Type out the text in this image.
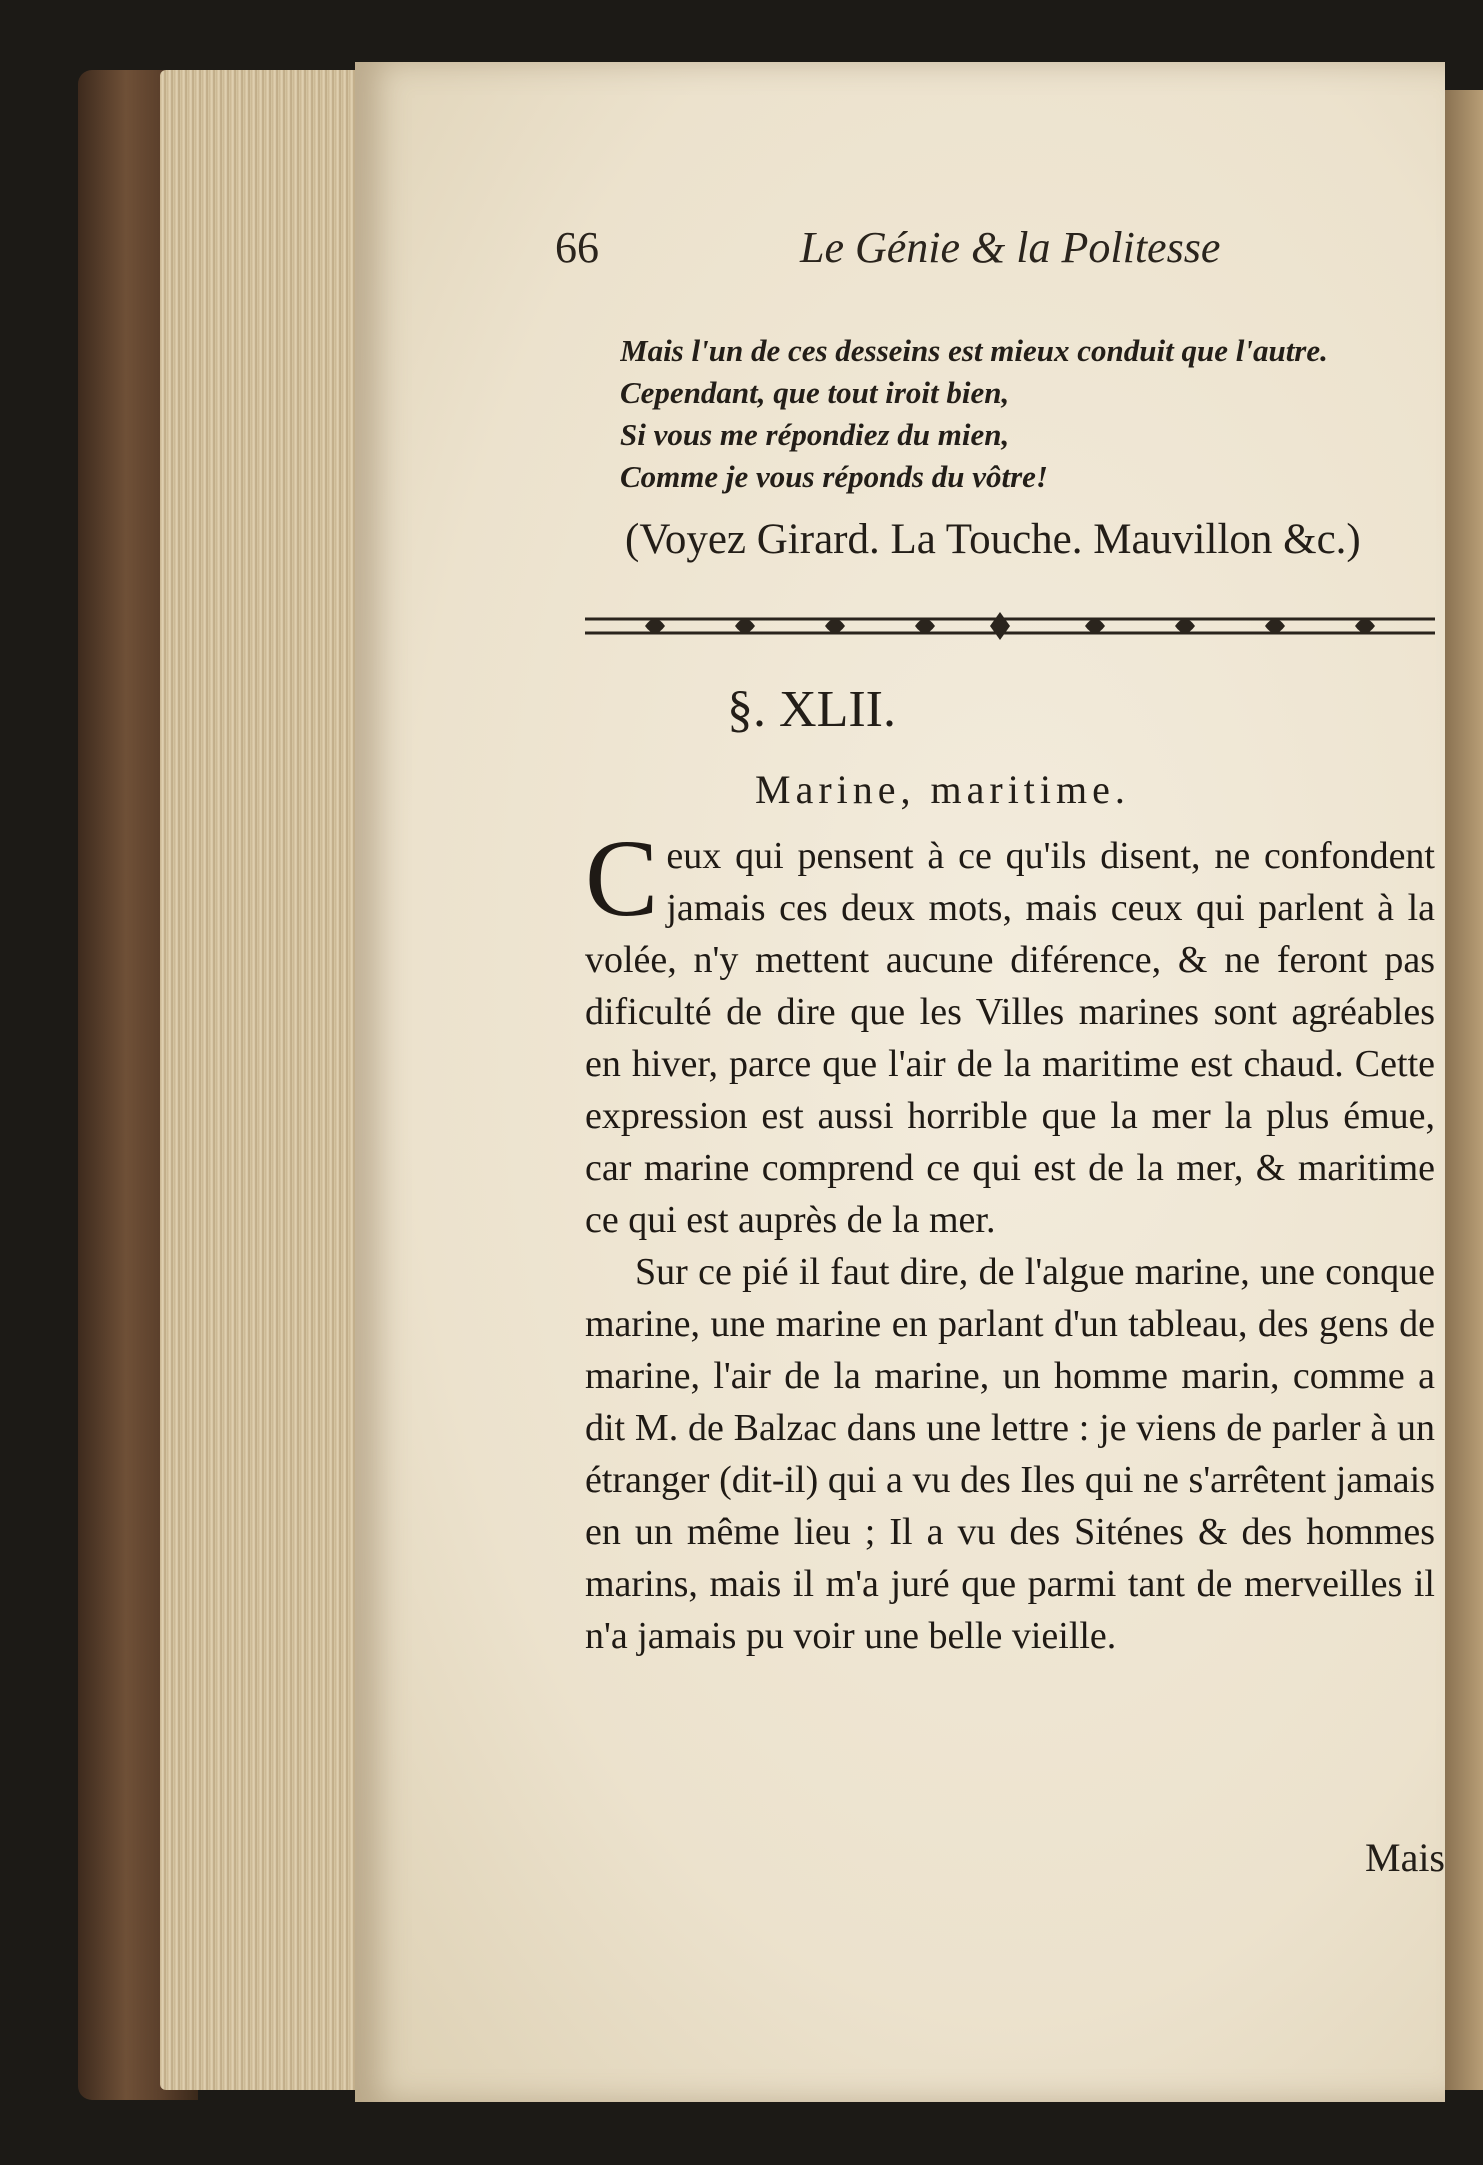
66	Le Génie & la Politesse
Mais l'un de ces desseins est mieux conduit que l'autre.
Cependant, que tout iroit bien,
Si vous me répondiez du mien,
Comme je vous réponds du vôtre!
(Voyez Girard. La Touche. Mauvillon &c.)
§. XLII.
Marine, maritime.

C eux qui pensent à ce qu'ils disent, ne confondent jamais ces deux mots, mais ceux qui parlent à la volée, n'y mettent aucune diférence, & ne feront pas dificulté de dire que les Villes marines sont agréables en hiver, parce que l'air de la maritime est chaud. Cette expression est aussi horrible que la mer la plus émue, car marine comprend ce qui est de la mer, & maritime ce qui est auprès de la mer.

Sur ce pié il faut dire, de l'algue marine, une conque marine, une marine en parlant d'un tableau, des gens de marine, l'air de la marine, un homme marin, comme a dit M. de Balzac dans une lettre : je viens de parler à un étranger (dit-il) qui a vu des Iles qui ne s'arrêtent jamais en un même lieu ; Il a vu des Siténes & des hommes marins, mais il m'a juré que parmi tant de merveilles il n'a jamais pu voir une belle vieille.

Mais
